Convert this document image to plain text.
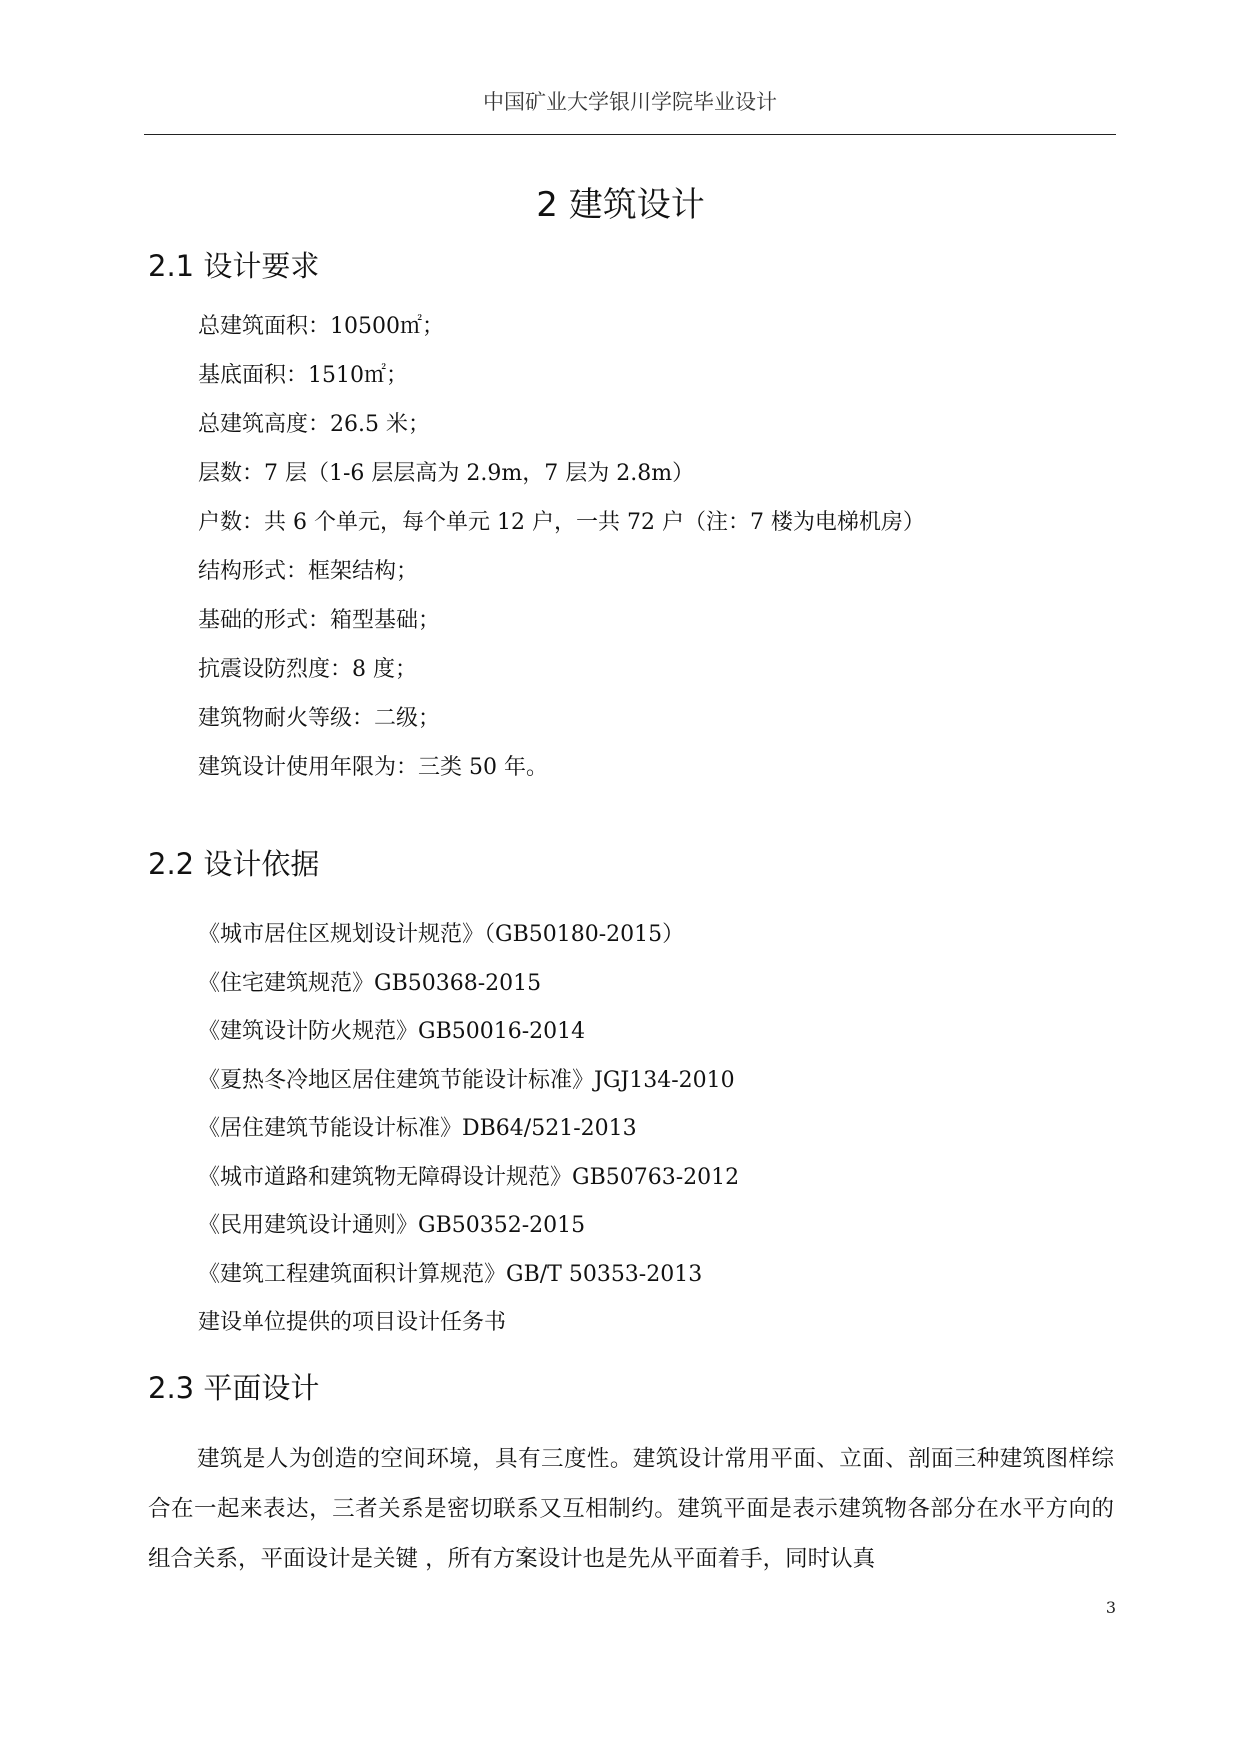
中国矿业大学银川学院毕业设计
2 建筑设计
2.1 设计要求
总建筑面积：10500㎡；
基底面积：1510㎡；
总建筑高度：26.5 米；
层数：7 层（1-6 层层高为 2.9m，7 层为 2.8m）
户数：共 6 个单元，每个单元 12 户，一共 72 户（注：7 楼为电梯机房）
结构形式：框架结构；
基础的形式：箱型基础；
抗震设防烈度：8 度；
建筑物耐火等级：二级；
建筑设计使用年限为：三类 50 年。
2.2 设计依据
《城市居住区规划设计规范》（GB50180-2015）
《住宅建筑规范》GB50368-2015
《建筑设计防火规范》GB50016-2014
《夏热冬冷地区居住建筑节能设计标准》JGJ134-2010
《居住建筑节能设计标准》DB64/521-2013
《城市道路和建筑物无障碍设计规范》GB50763-2012
《民用建筑设计通则》GB50352-2015
《建筑工程建筑面积计算规范》GB/T 50353-2013
建设单位提供的项目设计任务书
2.3 平面设计

建筑是人为创造的空间环境，具有三度性。建筑设计常用平面、立面、剖面三种建筑图样综合在一起来表达，三者关系是密切联系又互相制约。建筑平面是表示建筑物各部分在水平方向的组合关系，平面设计是关键 ，所有方案设计也是先从平面着手，同时认真

3
